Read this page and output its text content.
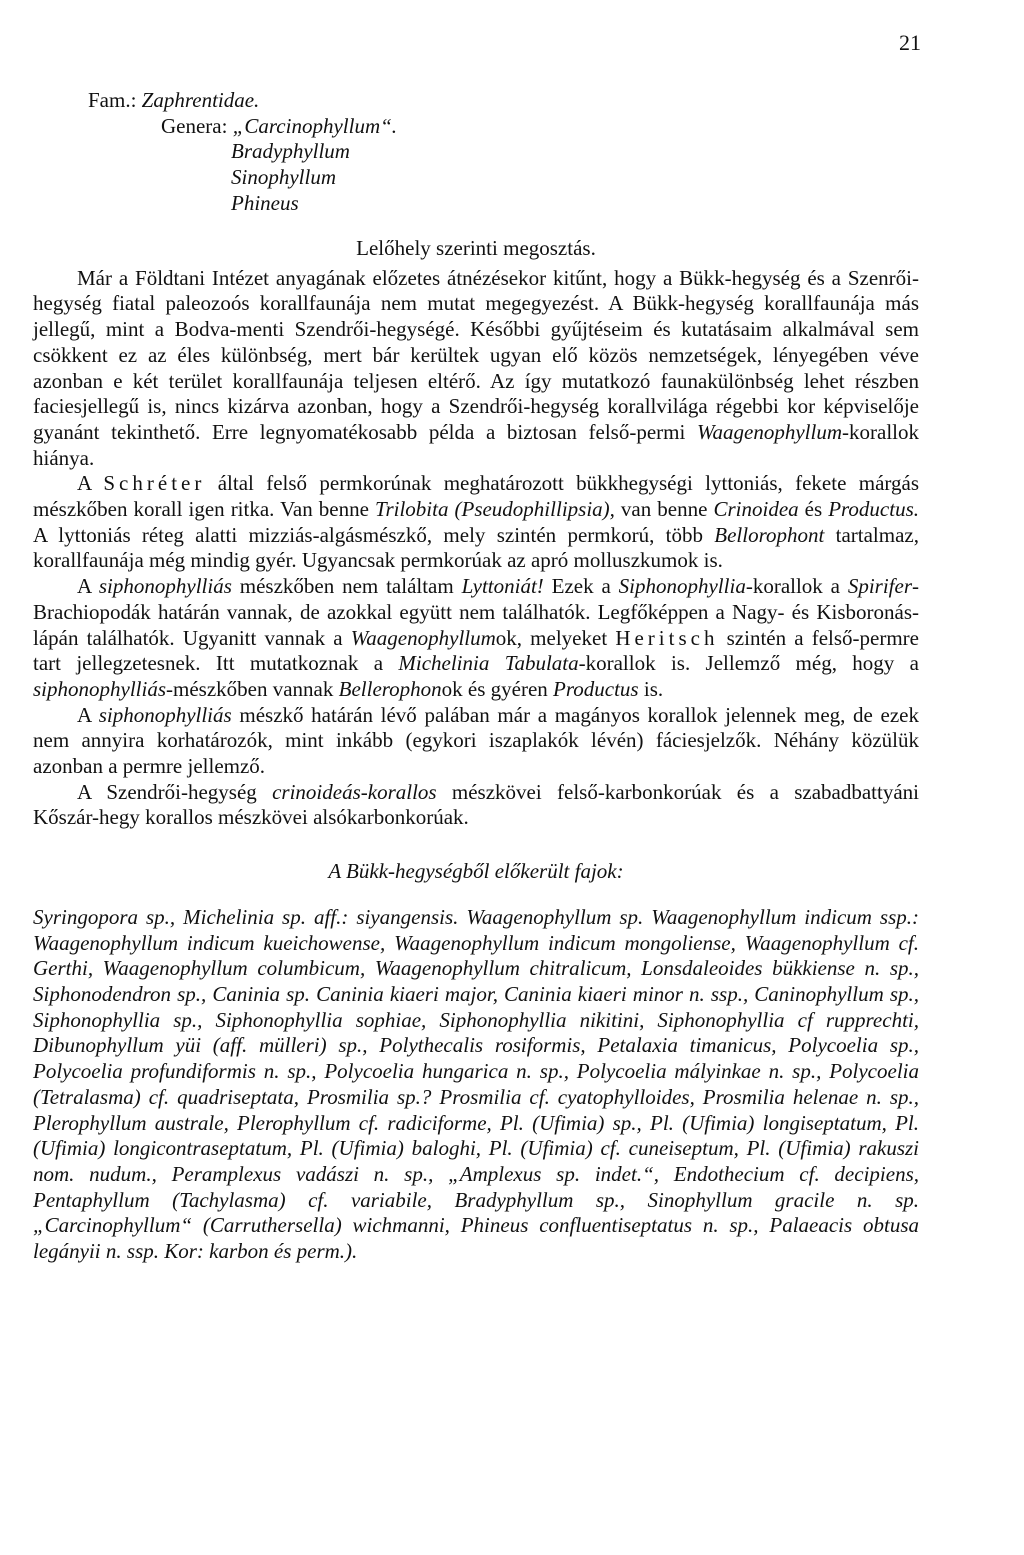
21
Fam.: Zaphrentidae.
Genera: „Carcinophyllum“.
Bradyphyllum
Sinophyllum
Phineus
Lelőhely szerinti megosztás.

Már a Földtani Intézet anyagának előzetes átnézésekor kitűnt, hogy a Bükk-hegység és a Szenrői-hegység fiatal paleozoós korallfaunája nem mutat megegyezést. A Bükk-hegység korallfaunája más jellegű, mint a Bodva-menti Szendrői-hegységé. Későbbi gyűjtéseim és kutatásaim alkalmával sem csökkent ez az éles különbség, mert bár kerültek ugyan elő közös nemzetségek, lényegében véve azonban e két terület korallfaunája teljesen eltérő. Az így mutatkozó faunakülönbség lehet részben faciesjellegű is, nincs kizárva azonban, hogy a Szendrői-hegység korallvilága régebbi kor képviselője gyanánt tekinthető. Erre legnyomatékosabb példa a biztosan felső-permi Waagenophyllum-korallok hiánya.

A Schréter által felső permkorúnak meghatározott bükkhegységi lyttoniás, fekete márgás mészkőben korall igen ritka. Van benne Trilobita (Pseudophillipsia), van benne Crinoidea és Productus. A lyttoniás réteg alatti mizziás-algásmészkő, mely szintén permkorú, több Bellorophont tartalmaz, korallfaunája még mindig gyér. Ugyancsak permkorúak az apró molluszkumok is.

A siphonophylliás mészkőben nem találtam Lyttoniát! Ezek a Siphonophyllia-korallok a Spirifer-Brachiopodák határán vannak, de azokkal együtt nem találhatók. Legfőképpen a Nagy- és Kisboronás-lápán találhatók. Ugyanitt vannak a Waagenophyllumok, melyeket Heritsch szintén a felső-permre tart jellegzetesnek. Itt mutatkoznak a Michelinia Tabulata-korallok is. Jellemző még, hogy a siphonophylliás-mészkőben vannak Bellerophonok és gyéren Productus is.

A siphonophylliás mészkő határán lévő palában már a magányos korallok jelennek meg, de ezek nem annyira korhatározók, mint inkább (egykori iszaplakók lévén) fáciesjelzők. Néhány közülük azonban a permre jellemző.

A Szendrői-hegység crinoideás-korallos mészkövei felső-karbonkorúak és a szabadbattyáni Kőszár-hegy korallos mészkövei alsókarbonkorúak.

A Bükk-hegységből előkerült fajok:

Syringopora sp., Michelinia sp. aff.: siyangensis. Waagenophyllum sp. Waagenophyllum indicum ssp.: Waagenophyllum indicum kueichowense, Waagenophyllum indicum mongoliense, Waagenophyllum cf. Gerthi, Waagenophyllum columbicum, Waagenophyllum chitralicum, Lonsdaleoides bükkiense n. sp., Siphonodendron sp., Caninia sp. Caninia kiaeri major, Caninia kiaeri minor n. ssp., Caninophyllum sp., Siphonophyllia sp., Siphonophyllia sophiae, Siphonophyllia nikitini, Siphonophyllia cf rupprechti, Dibunophyllum yüi (aff. mülleri) sp., Polythecalis rosiformis, Petalaxia timanicus, Polycoelia sp., Polycoelia profundiformis n. sp., Polycoelia hungarica n. sp., Polycoelia mályinkae n. sp., Polycoelia (Tetralasma) cf. quadriseptata, Prosmilia sp.? Prosmilia cf. cyatophylloides, Prosmilia helenae n. sp., Plerophyllum australe, Plerophyllum cf. radiciforme, Pl. (Ufimia) sp., Pl. (Ufimia) longiseptatum, Pl. (Ufimia) longicontraseptatum, Pl. (Ufimia) baloghi, Pl. (Ufimia) cf. cuneiseptum, Pl. (Ufimia) rakuszi nom. nudum., Peramplexus vadászi n. sp., „Amplexus sp. indet.“, Endothecium cf. decipiens, Pentaphyllum (Tachylasma) cf. variabile, Bradyphyllum sp., Sinophyllum gracile n. sp. „Carcinophyllum“ (Carruthersella) wichmanni, Phineus confluentiseptatus n. sp., Palaeacis obtusa legányii n. ssp. Kor: karbon és perm.).
